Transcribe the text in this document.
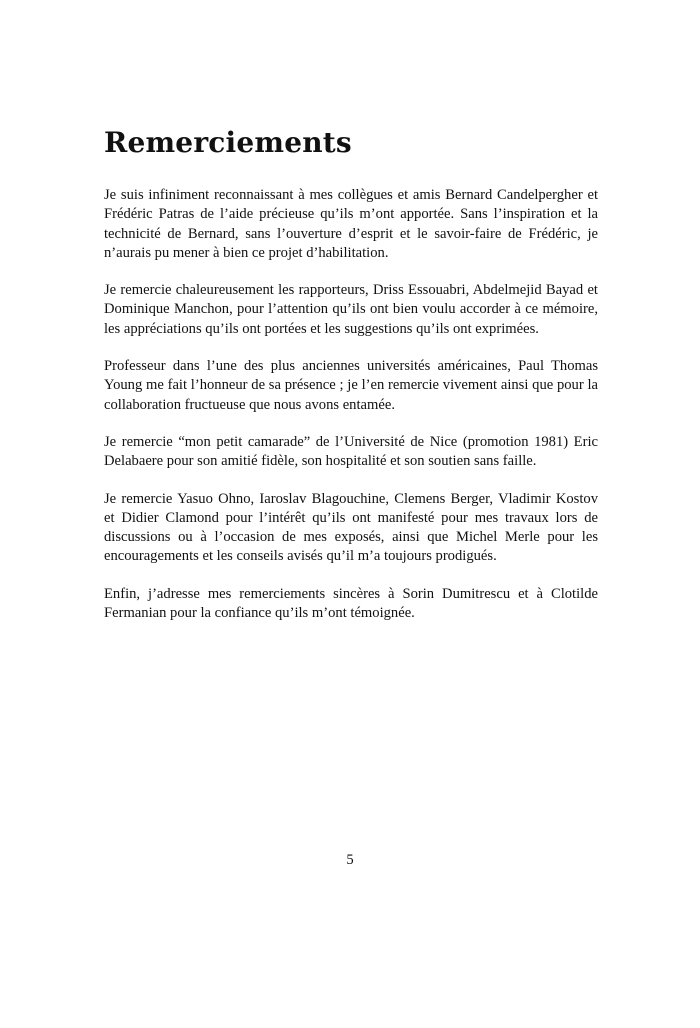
Remerciements

Je suis infiniment reconnaissant à mes collègues et amis Bernard Candelpergher et Frédéric Patras de l’aide précieuse qu’ils m’ont apportée. Sans l’inspiration et la technicité de Bernard, sans l’ouverture d’esprit et le savoir-faire de Frédéric, je n’aurais pu mener à bien ce projet d’habilitation.

Je remercie chaleureusement les rapporteurs, Driss Essouabri, Abdelmejid Bayad et Dominique Manchon, pour l’attention qu’ils ont bien voulu accorder à ce mémoire, les appréciations qu’ils ont portées et les suggestions qu’ils ont exprimées.

Professeur dans l’une des plus anciennes universités américaines, Paul Thomas Young me fait l’honneur de sa présence ; je l’en remercie vivement ainsi que pour la collaboration fructueuse que nous avons entamée.

Je remercie “mon petit camarade” de l’Université de Nice (promotion 1981) Eric Delabaere pour son amitié fidèle, son hospitalité et son soutien sans faille.

Je remercie Yasuo Ohno, Iaroslav Blagouchine, Clemens Berger, Vladimir Kostov et Didier Clamond pour l’intérêt qu’ils ont manifesté pour mes travaux lors de discussions ou à l’occasion de mes exposés, ainsi que Michel Merle pour les encouragements et les conseils avisés qu’il m’a toujours prodigués.

Enfin, j’adresse mes remerciements sincères à Sorin Dumitrescu et à Clotilde Fermanian pour la confiance qu’ils m’ont témoignée.

5
